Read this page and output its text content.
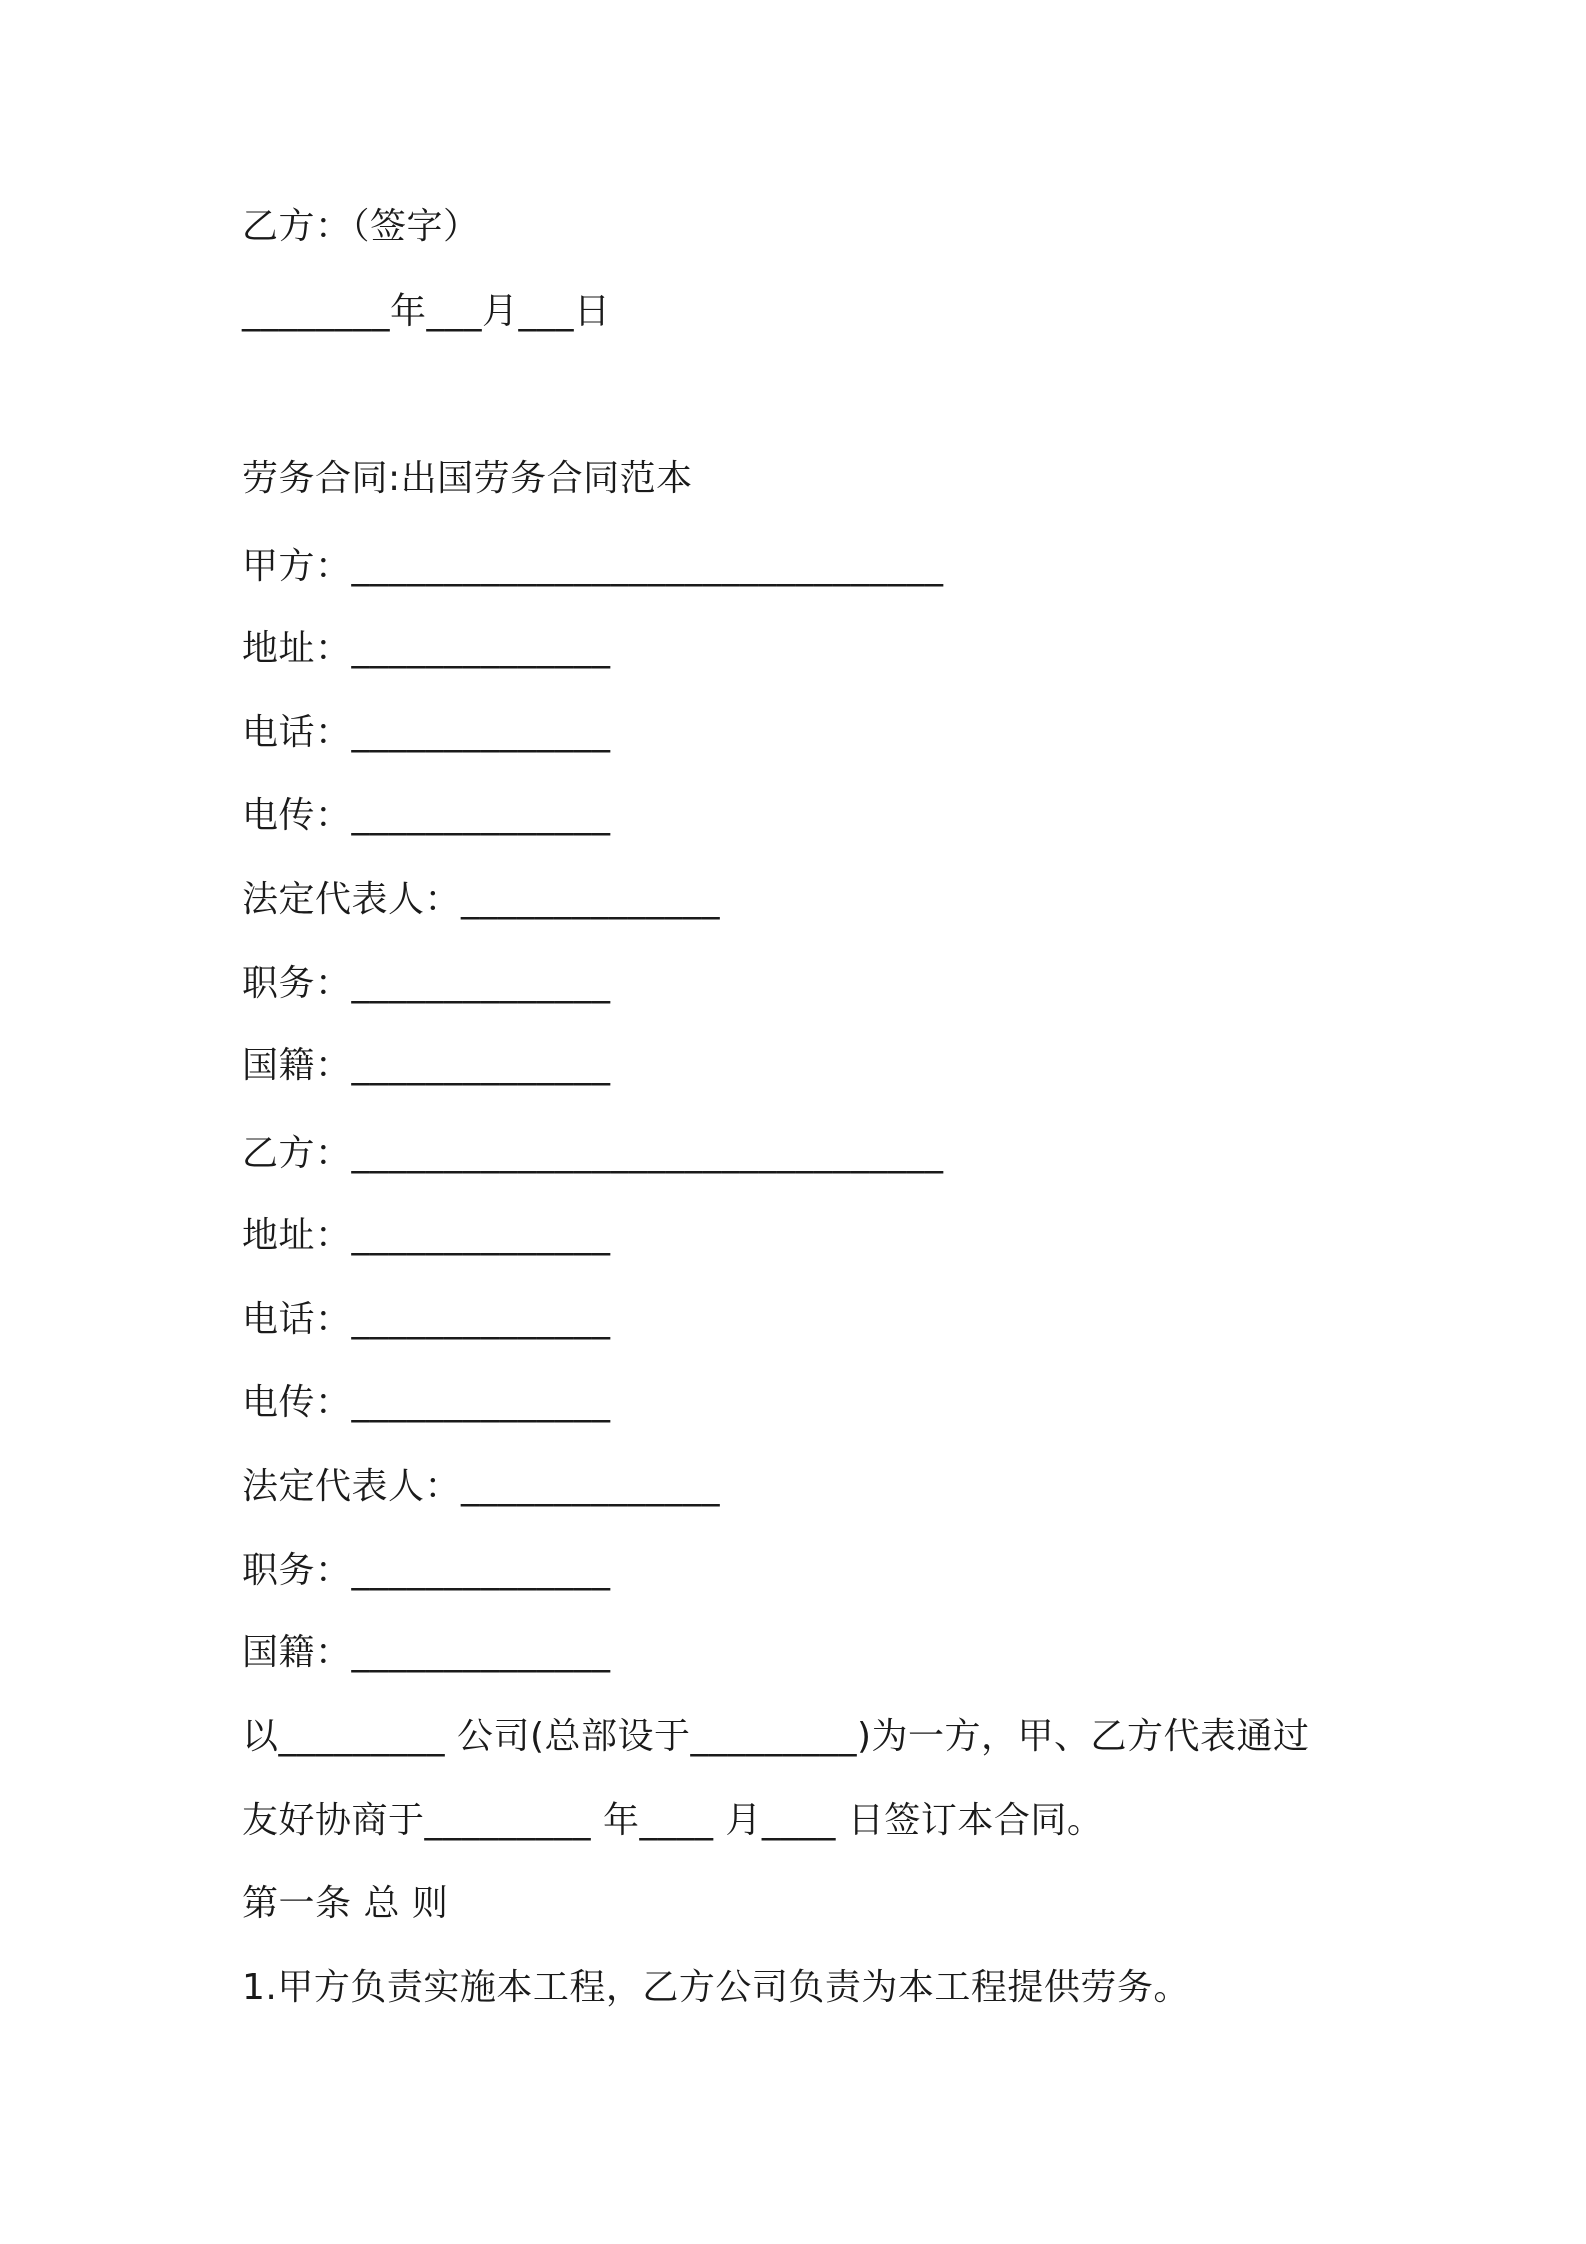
乙方：（签字）
________年___月___日
劳务合同:出国劳务合同范本
甲方：________________________________
地址：______________
电话：______________
电传：______________
法定代表人：______________
职务：______________
国籍：______________
乙方：________________________________
地址：______________
电话：______________
电传：______________
法定代表人：______________
职务：______________
国籍：______________
以_________ 公司(总部设于_________)为一方，甲、乙方代表通过
友好协商于_________ 年____ 月____ 日签订本合同。
第一条 总 则
1.甲方负责实施本工程，乙方公司负责为本工程提供劳务。
